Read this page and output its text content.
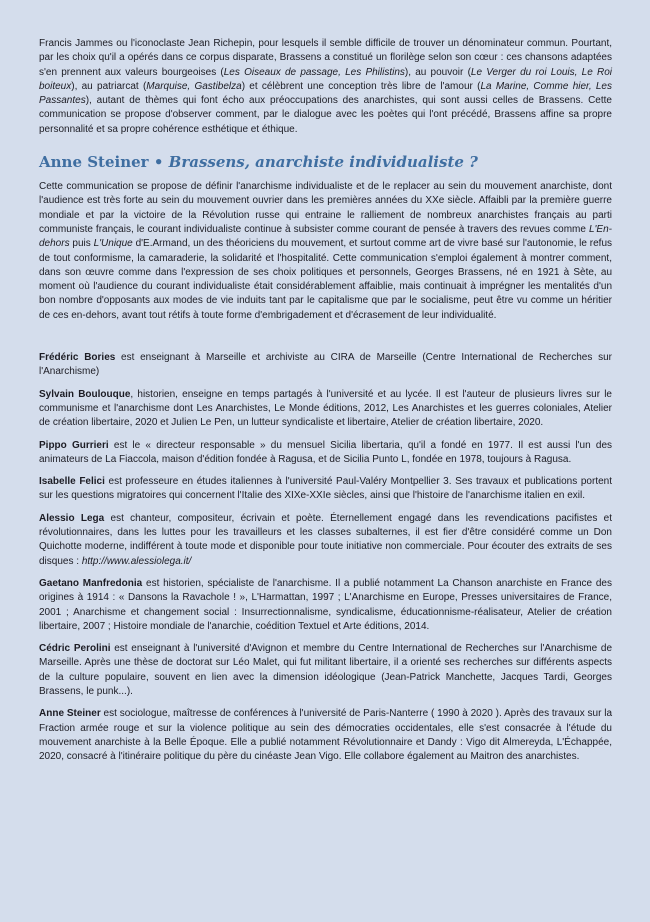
Francis Jammes ou l'iconoclaste Jean Richepin, pour lesquels il semble difficile de trouver un dénominateur commun. Pourtant, par les choix qu'il a opérés dans ce corpus disparate, Brassens a constitué un florilège selon son cœur : ces chansons adaptées s'en prennent aux valeurs bourgeoises (Les Oiseaux de passage, Les Philistins), au pouvoir (Le Verger du roi Louis, Le Roi boiteux), au patriarcat (Marquise, Gastibelza) et célèbrent une conception très libre de l'amour (La Marine, Comme hier, Les Passantes), autant de thèmes qui font écho aux préoccupations des anarchistes, qui sont aussi celles de Brassens. Cette communication se propose d'observer comment, par le dialogue avec les poètes qui l'ont précédé, Brassens affine sa propre personnalité et sa propre cohérence esthétique et éthique.

Anne Steiner • Brassens, anarchiste individualiste ?

Cette communication se propose de définir l'anarchisme individualiste et de le replacer au sein du mouvement anarchiste, dont l'audience est très forte au sein du mouvement ouvrier dans les premières années du XXe siècle. Affaibli par la première guerre mondiale et par la victoire de la Révolution russe qui entraine le ralliement de nombreux anarchistes français au parti communiste français, le courant individualiste continue à subsister comme courant de pensée à travers des revues comme L'En-dehors puis L'Unique d'E.Armand, un des théoriciens du mouvement, et surtout comme art de vivre basé sur l'autonomie, le refus de tout conformisme, la camaraderie, la solidarité et l'hospitalité. Cette communication s'emploi également à montrer comment, dans son œuvre comme dans l'expression de ses choix politiques et personnels, Georges Brassens, né en 1921 à Sète, au moment où l'audience du courant individualiste était considérablement affaiblie, mais continuait à imprégner les mentalités d'un bon nombre d'opposants aux modes de vie induits tant par le capitalisme que par le socialisme, peut être vu comme un héritier de ces en-dehors, avant tout rétifs à toute forme d'embrigadement et d'écrasement de leur individualité.

Frédéric Bories est enseignant à Marseille et archiviste au CIRA de Marseille (Centre International de Recherches sur l'Anarchisme)

Sylvain Boulouque, historien, enseigne en temps partagés à l'université et au lycée. Il est l'auteur de plusieurs livres sur le communisme et l'anarchisme dont Les Anarchistes, Le Monde éditions, 2012, Les Anarchistes et les guerres coloniales, Atelier de création libertaire, 2020 et Julien Le Pen, un lutteur syndicaliste et libertaire, Atelier de création libertaire, 2020.

Pippo Gurrieri est le « directeur responsable » du mensuel Sicilia libertaria, qu'il a fondé en 1977. Il est aussi l'un des animateurs de La Fiaccola, maison d'édition fondée à Ragusa, et de Sicilia Punto L, fondée en 1978, toujours à Ragusa.

Isabelle Felici est professeure en études italiennes à l'université Paul-Valéry Montpellier 3. Ses travaux et publications portent sur les questions migratoires qui concernent l'Italie des XIXe-XXIe siècles, ainsi que l'histoire de l'anarchisme italien en exil.

Alessio Lega est chanteur, compositeur, écrivain et poète. Éternellement engagé dans les revendications pacifistes et révolutionnaires, dans les luttes pour les travailleurs et les classes subalternes, il est fier d'être considéré comme un Don Quichotte moderne, indifférent à toute mode et disponible pour toute initiative non commerciale. Pour écouter des extraits de ses disques : http://www.alessiolega.it/

Gaetano Manfredonia est historien, spécialiste de l'anarchisme. Il a publié notamment La Chanson anarchiste en France des origines à 1914 : « Dansons la Ravachole ! », L'Harmattan, 1997 ; L'Anarchisme en Europe, Presses universitaires de France, 2001 ; Anarchisme et changement social : Insurrectionnalisme, syndicalisme, éducationnisme-réalisateur, Atelier de création libertaire, 2007 ; Histoire mondiale de l'anarchie, coédition Textuel et Arte éditions, 2014.

Cédric Perolini est enseignant à l'université d'Avignon et membre du Centre International de Recherches sur l'Anarchisme de Marseille. Après une thèse de doctorat sur Léo Malet, qui fut militant libertaire, il a orienté ses recherches sur différents aspects de la culture populaire, souvent en lien avec la dimension idéologique (Jean-Patrick Manchette, Jacques Tardi, Georges Brassens, le punk...).

Anne Steiner est sociologue, maîtresse de conférences à l'université de Paris-Nanterre ( 1990 à 2020 ). Après des travaux sur la Fraction armée rouge et sur la violence politique au sein des démocraties occidentales, elle s'est consacrée à l'étude du mouvement anarchiste à la Belle Époque. Elle a publié notamment Révolutionnaire et Dandy : Vigo dit Almereyda, L'Échappée, 2020, consacré à l'itinéraire politique du père du cinéaste Jean Vigo. Elle collabore également au Maitron des anarchistes.
